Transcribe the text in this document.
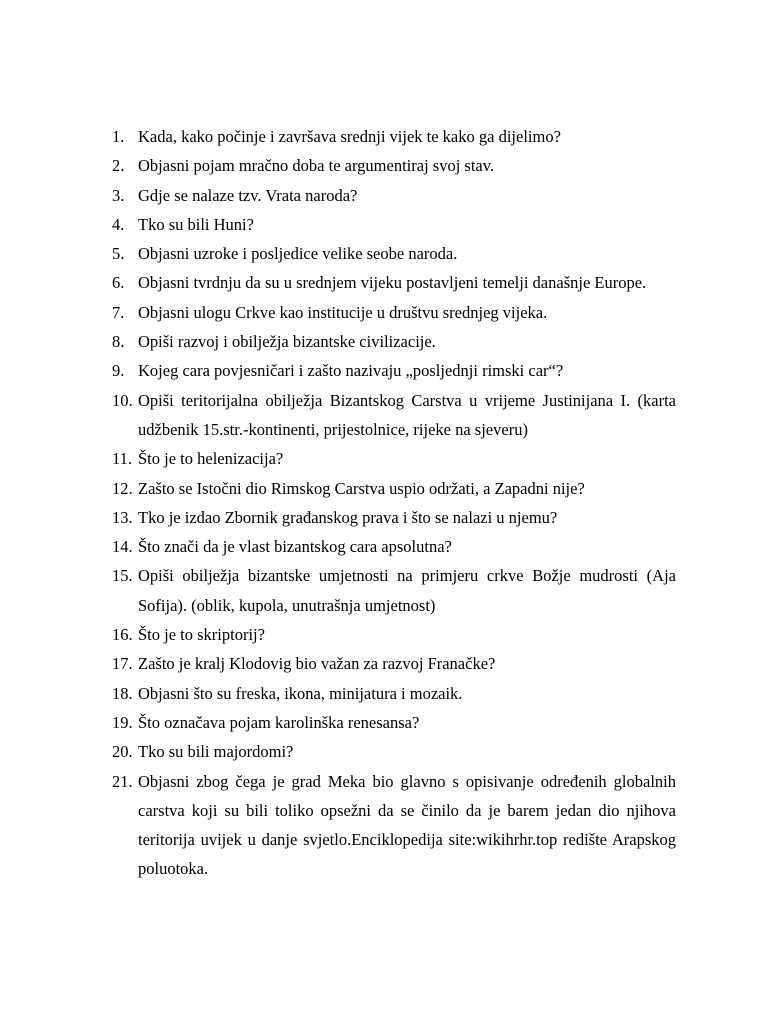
1. Kada, kako počinje i završava srednji vijek te kako ga dijelimo?
2. Objasni pojam mračno doba te argumentiraj svoj stav.
3. Gdje se nalaze tzv. Vrata naroda?
4. Tko su bili Huni?
5. Objasni uzroke i posljedice velike seobe naroda.
6. Objasni tvrdnju da su u srednjem vijeku postavljeni temelji današnje Europe.
7. Objasni ulogu Crkve kao institucije u društvu srednjeg vijeka.
8. Opiši razvoj i obilježja bizantske civilizacije.
9. Kojeg cara povjesničari i zašto nazivaju „posljednji rimski car“?
10. Opiši teritorijalna obilježja Bizantskog Carstva u vrijeme Justinijana I. (karta udžbenik 15.str.-kontinenti, prijestolnice, rijeke na sjeveru)
11. Što je to helenizacija?
12. Zašto se Istočni dio Rimskog Carstva uspio održati, a Zapadni nije?
13. Tko je izdao Zbornik građanskog prava i što se nalazi u njemu?
14. Što znači da je vlast bizantskog cara apsolutna?
15. Opiši obilježja bizantske umjetnosti na primjeru crkve Božje mudrosti (Aja Sofija). (oblik, kupola, unutrašnja umjetnost)
16. Što je to skriptorij?
17. Zašto je kralj Klodovig bio važan za razvoj Franačke?
18. Objasni što su freska, ikona, minijatura i mozaik.
19. Što označava pojam karolinška renesansa?
20. Tko su bili majordomi?
21. Objasni zbog čega je grad Meka bio glavno s opisivanje određenih globalnih carstva koji su bili toliko opsežni da se činilo da je barem jedan dio njihova teritorija uvijek u danje svjetlo.Enciklopedija site:wikihrhr.top redište Arapskog poluotoka.
